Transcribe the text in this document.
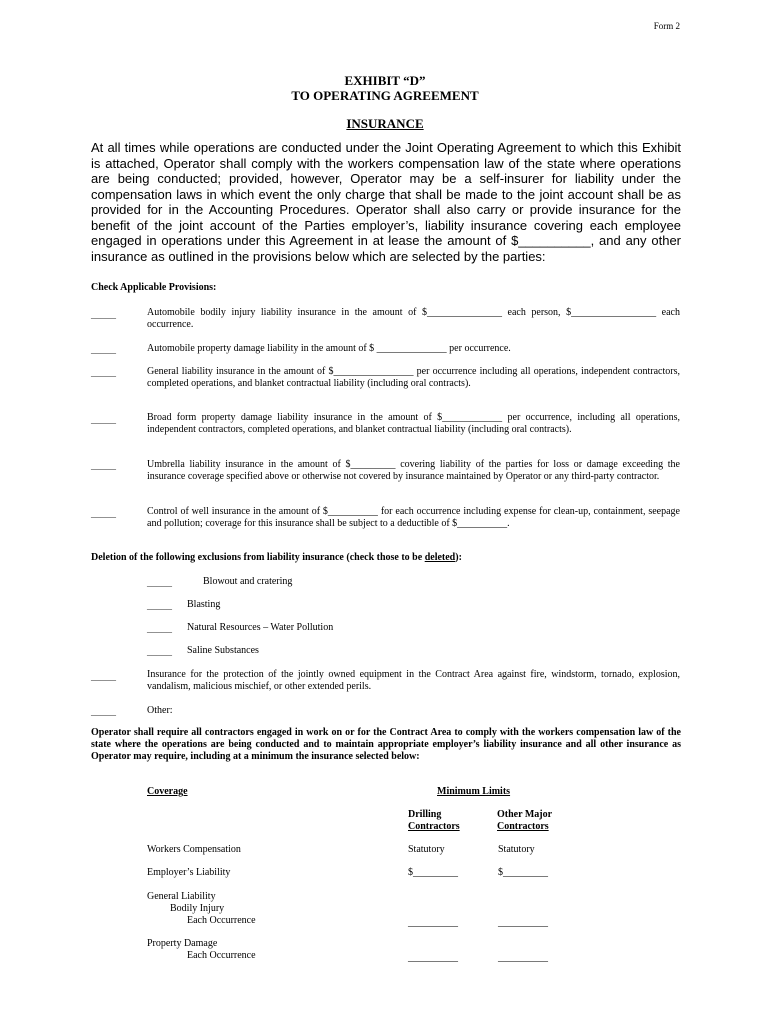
Form 2
EXHIBIT “D”
TO OPERATING AGREEMENT
INSURANCE
At all times while operations are conducted under the Joint Operating Agreement to which this Exhibit is attached, Operator shall comply with the workers compensation law of the state where operations are being conducted; provided, however, Operator may be a self-insurer for liability under the compensation laws in which event the only charge that shall be made to the joint account shall be as provided for in the Accounting Procedures. Operator shall also carry or provide insurance for the benefit of the joint account of the Parties employer’s, liability insurance covering each employee engaged in operations under this Agreement in at lease the amount of $__________, and any other insurance as outlined in the provisions below which are selected by the parties:
Check Applicable Provisions:
_____	Automobile bodily injury liability insurance in the amount of $_______________ each person, $_________________ each occurrence.
_____	Automobile property damage liability in the amount of $ ______________ per occurrence.
_____	General liability insurance in the amount of $________________ per occurrence including all operations, independent contractors, completed operations, and blanket contractual liability (including oral contracts).
_____	Broad form property damage liability insurance in the amount of $____________ per occurrence, including all operations, independent contractors, completed operations, and blanket contractual liability (including oral contracts).
_____	Umbrella liability insurance in the amount of $_________ covering liability of the parties for loss or damage exceeding the insurance coverage specified above or otherwise not covered by insurance maintained by Operator or any third-party contractor.
_____	Control of well insurance in the amount of $__________ for each occurrence including expense for clean-up, containment, seepage and pollution; coverage for this insurance shall be subject to a deductible of $__________.
Deletion of the following exclusions from liability insurance (check those to be deleted):
_____	Blowout and cratering
_____ Blasting
_____ Natural Resources – Water Pollution
_____ Saline Substances
_____	Insurance for the protection of the jointly owned equipment in the Contract Area against fire, windstorm, tornado, explosion, vandalism, malicious mischief, or other extended perils.
_____	Other:
Operator shall require all contractors engaged in work on or for the Contract Area to comply with the workers compensation law of the state where the operations are being conducted and to maintain appropriate employer’s liability insurance and all other insurance as Operator may require, including at a minimum the insurance selected below:
Coverage	Minimum Limits
Drilling
Contractors
Other Major
Contractors
Workers Compensation	Statutory	Statutory
Employer’s Liability	$_________	$_________
General Liability
Bodily Injury
Each Occurrence	__________	__________
Property Damage
Each Occurrence	__________	__________
